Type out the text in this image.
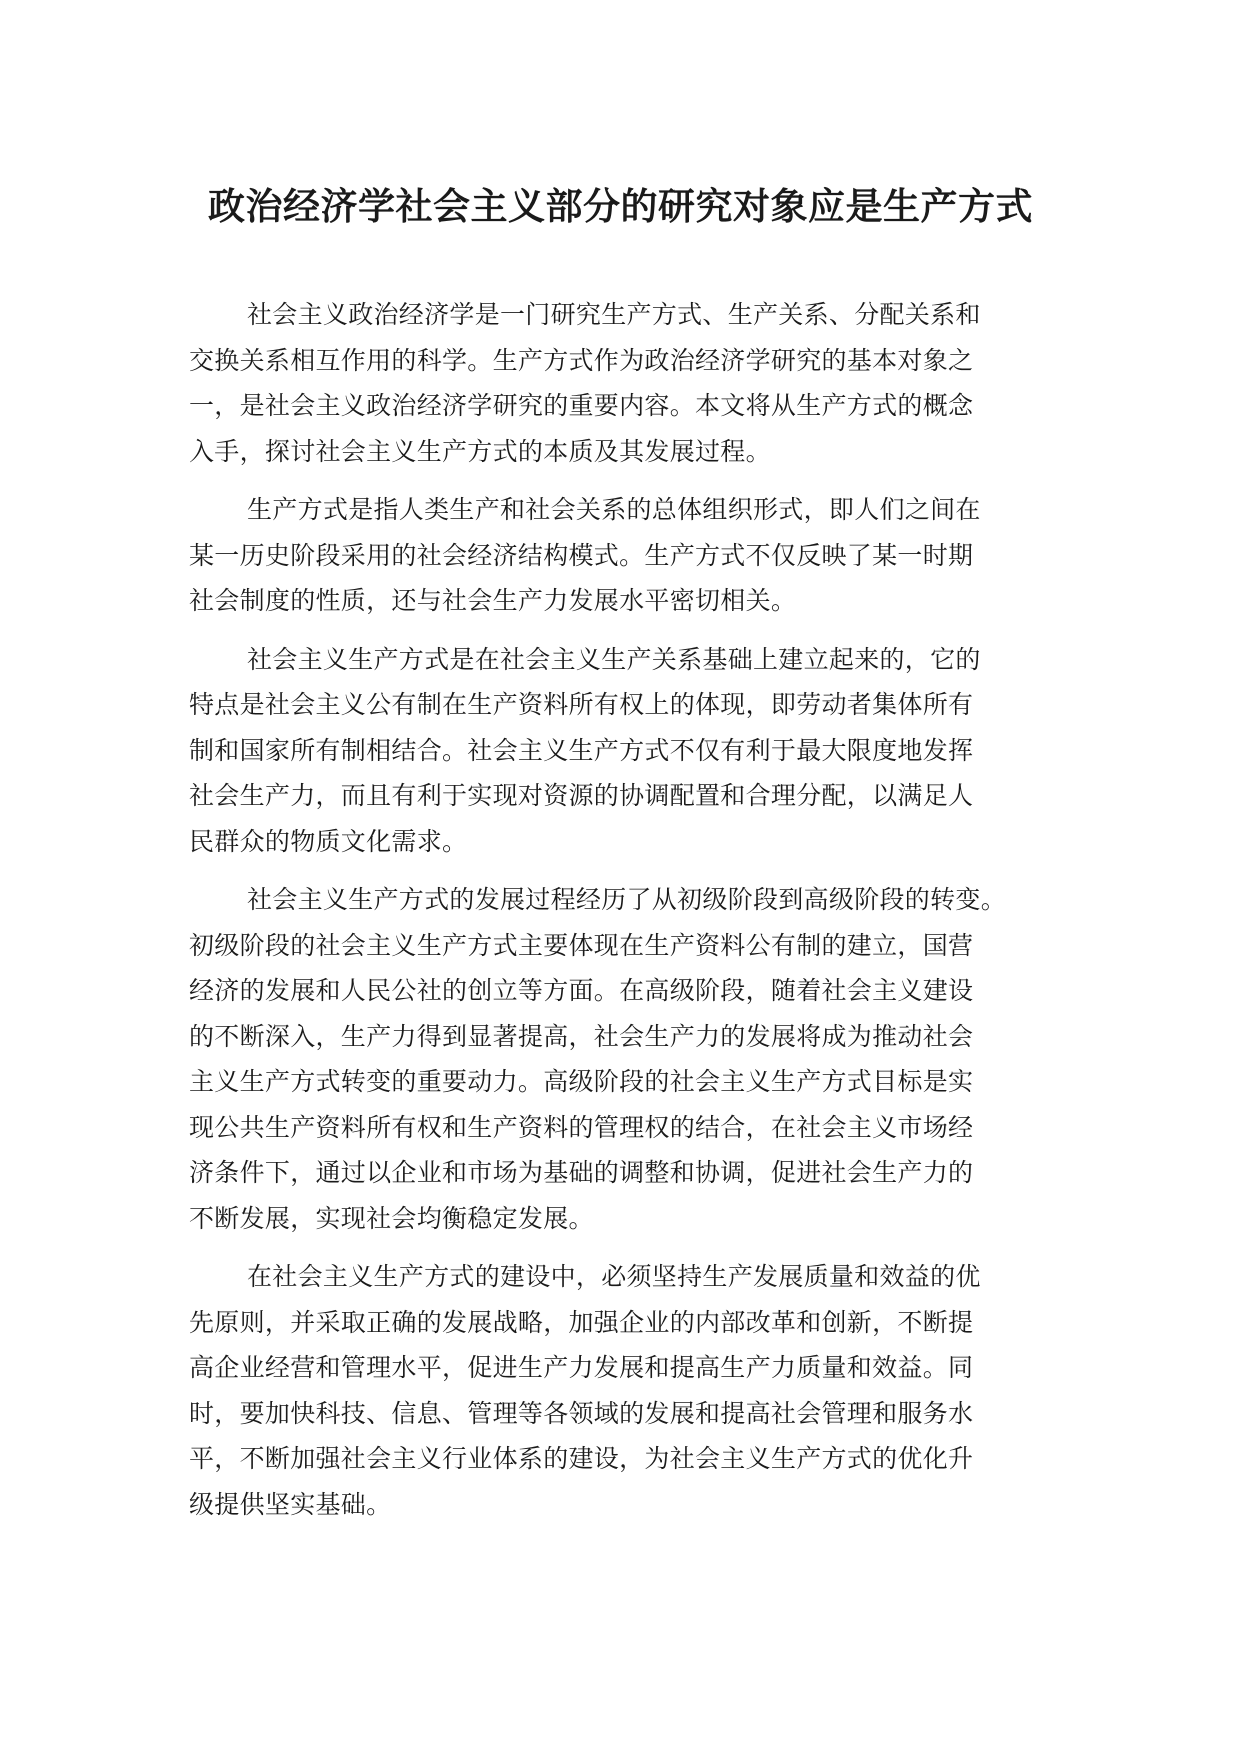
政治经济学社会主义部分的研究对象应是生产方式
社会主义政治经济学是一门研究生产方式、生产关系、分配关系和
交换关系相互作用的科学。生产方式作为政治经济学研究的基本对象之
一，是社会主义政治经济学研究的重要内容。本文将从生产方式的概念
入手，探讨社会主义生产方式的本质及其发展过程。
生产方式是指人类生产和社会关系的总体组织形式，即人们之间在
某一历史阶段采用的社会经济结构模式。生产方式不仅反映了某一时期
社会制度的性质，还与社会生产力发展水平密切相关。
社会主义生产方式是在社会主义生产关系基础上建立起来的，它的
特点是社会主义公有制在生产资料所有权上的体现，即劳动者集体所有
制和国家所有制相结合。社会主义生产方式不仅有利于最大限度地发挥
社会生产力，而且有利于实现对资源的协调配置和合理分配，以满足人
民群众的物质文化需求。
社会主义生产方式的发展过程经历了从初级阶段到高级阶段的转变。
初级阶段的社会主义生产方式主要体现在生产资料公有制的建立，国营
经济的发展和人民公社的创立等方面。在高级阶段，随着社会主义建设
的不断深入，生产力得到显著提高，社会生产力的发展将成为推动社会
主义生产方式转变的重要动力。高级阶段的社会主义生产方式目标是实
现公共生产资料所有权和生产资料的管理权的结合，在社会主义市场经
济条件下，通过以企业和市场为基础的调整和协调，促进社会生产力的
不断发展，实现社会均衡稳定发展。
在社会主义生产方式的建设中，必须坚持生产发展质量和效益的优
先原则，并采取正确的发展战略，加强企业的内部改革和创新，不断提
高企业经营和管理水平，促进生产力发展和提高生产力质量和效益。同
时，要加快科技、信息、管理等各领域的发展和提高社会管理和服务水
平，不断加强社会主义行业体系的建设，为社会主义生产方式的优化升
级提供坚实基础。
